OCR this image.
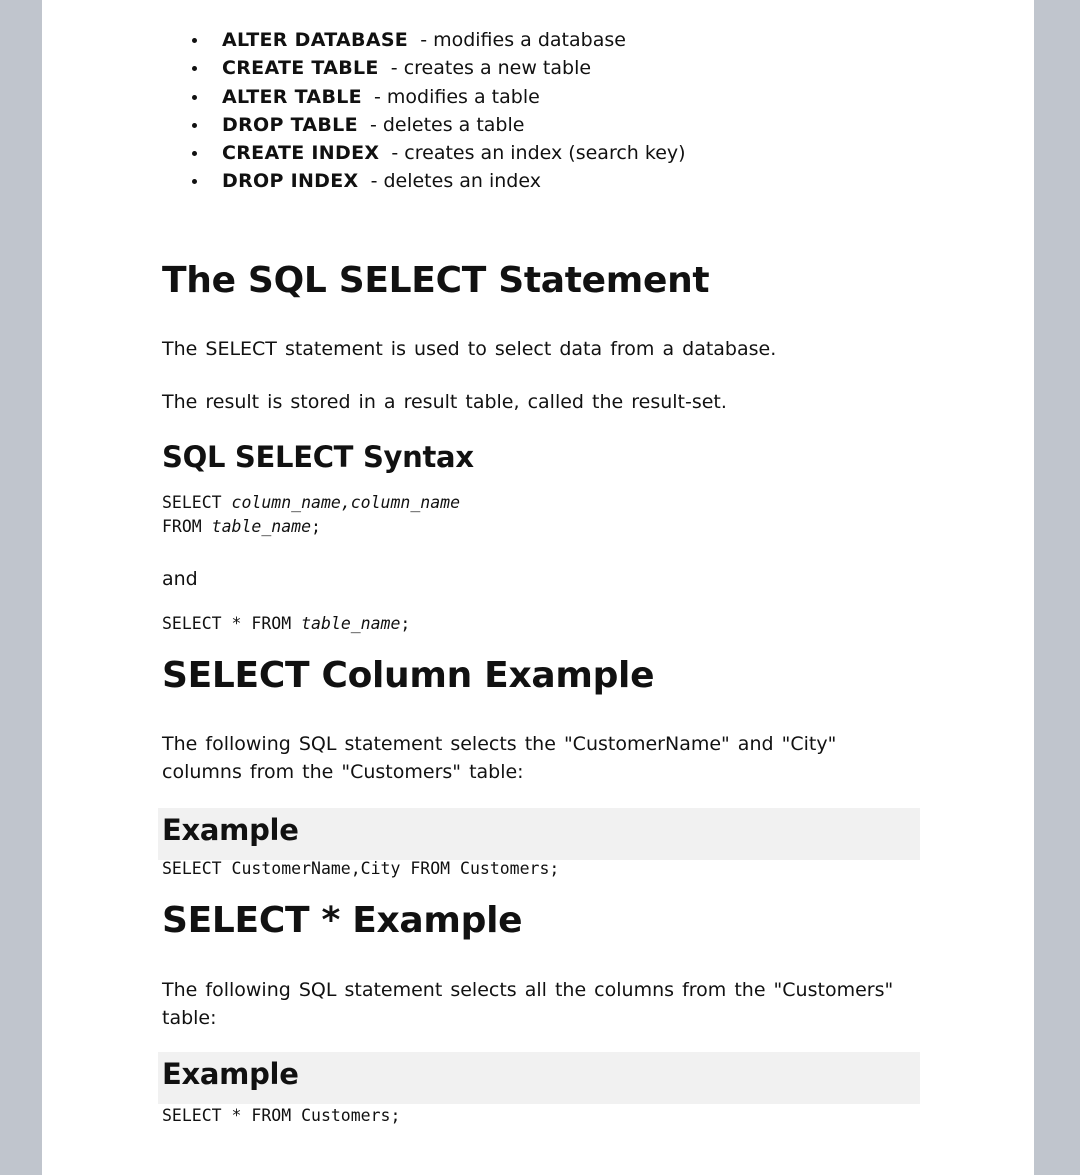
ALTER DATABASE - modifies a database
CREATE TABLE - creates a new table
ALTER TABLE - modifies a table
DROP TABLE - deletes a table
CREATE INDEX - creates an index (search key)
DROP INDEX - deletes an index
The SQL SELECT Statement
The SELECT statement is used to select data from a database.
The result is stored in a result table, called the result-set.
SQL SELECT Syntax
SELECT column_name,column_name
FROM table_name;
and
SELECT * FROM table_name;
SELECT Column Example
The following SQL statement selects the "CustomerName" and "City" columns from the "Customers" table:
Example
SELECT CustomerName,City FROM Customers;
SELECT * Example
The following SQL statement selects all the columns from the "Customers" table:
Example
SELECT * FROM Customers;
